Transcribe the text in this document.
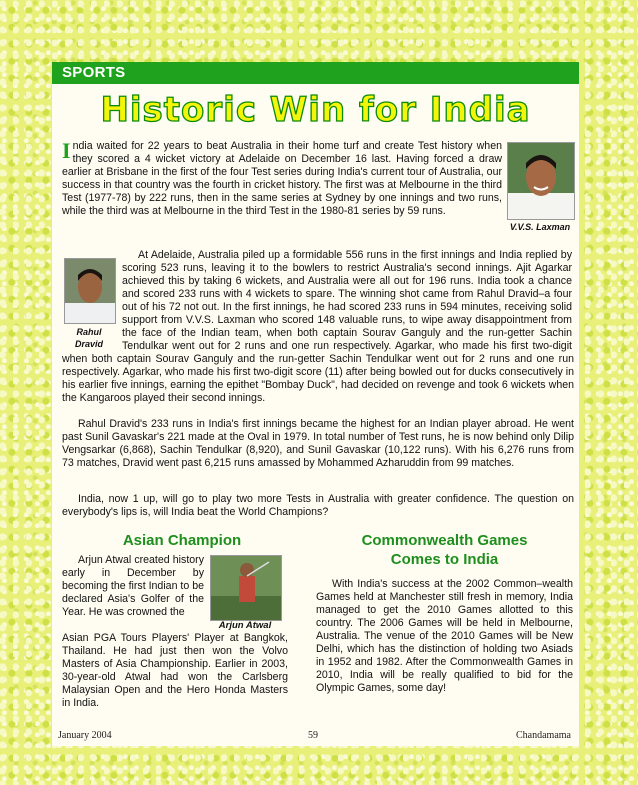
SPORTS
Historic Win for India
V.V.S. Laxman
Rahul
Dravid

India waited for 22 years to beat Australia in their home turf and create Test history when they scored a 4 wicket victory at Adelaide on December 16 last. Having forced a draw earlier at Brisbane in the first of the four Test series during India's current tour of Australia, our success in that country was the fourth in cricket history. The first was at Melbourne in the third Test (1977-78) by 222 runs, then in the same series at Sydney by one innings and two runs, while the third was at Melbourne in the third Test in the 1980-81 series by 59 runs.

At Adelaide, Australia piled up a formidable 556 runs in the first innings and India replied by scoring 523 runs, leaving it to the bowlers to restrict Australia's second innings. Ajit Agarkar achieved this by taking 6 wickets, and Australia were all out for 196 runs. India took a chance and scored 233 runs with 4 wickets to spare. The winning shot came from Rahul Dravid–a four out of his 72 not out. In the first innings, he had scored 233 runs in 594 minutes, receiving solid support from V.V.S. Laxman who scored 148 valuable runs, to wipe away disappointment from the face of the Indian team, when both captain Sourav Ganguly and the run-getter Sachin Tendulkar went out for 2 runs and one run respectively. Agarkar, who made his first two-digit

when both captain Sourav Ganguly and the run-getter Sachin Tendulkar went out for 2 runs and one run respectively. Agarkar, who made his first two-digit score (11) after being bowled out for ducks consecutively in his earlier five innings, earning the epithet "Bombay Duck", had decided on revenge and took 6 wickets when the Kangaroos played their second innings.

Rahul Dravid's 233 runs in India's first innings became the highest for an Indian player abroad. He went past Sunil Gavaskar's 221 made at the Oval in 1979. In total number of Test runs, he is now behind only Dilip Vengsarkar (6,868), Sachin Tendulkar (8,920), and Sunil Gavaskar (10,122 runs). With his 6,276 runs from 73 matches, Dravid went past 6,215 runs amassed by Mohammed Azharuddin from 99 matches.

India, now 1 up, will go to play two more Tests in Australia with greater confidence. The question on everybody's lips is, will India beat the World Champions?

Asian Champion

Arjun Atwal created history early in December by becoming the first Indian to be declared Asia's Golfer of the Year. He was crowned the

Arjun Atwal

Asian PGA Tours Players' Player at Bangkok, Thailand. He had just then won the Volvo Masters of Asia Championship. Earlier in 2003, 30-year-old Atwal had won the Carlsberg Malaysian Open and the Hero Honda Masters in India.

Commonwealth Games
Comes to India

With India's success at the 2002 Common–wealth Games held at Manchester still fresh in memory, India managed to get the 2010 Games allotted to this country. The 2006 Games will be held in Melbourne, Australia. The venue of the 2010 Games will be New Delhi, which has the distinction of holding two Asiads in 1952 and 1982. After the Commonwealth Games in 2010, India will be really qualified to bid for the Olympic Games, some day!

January 2004	59	Chandamama
